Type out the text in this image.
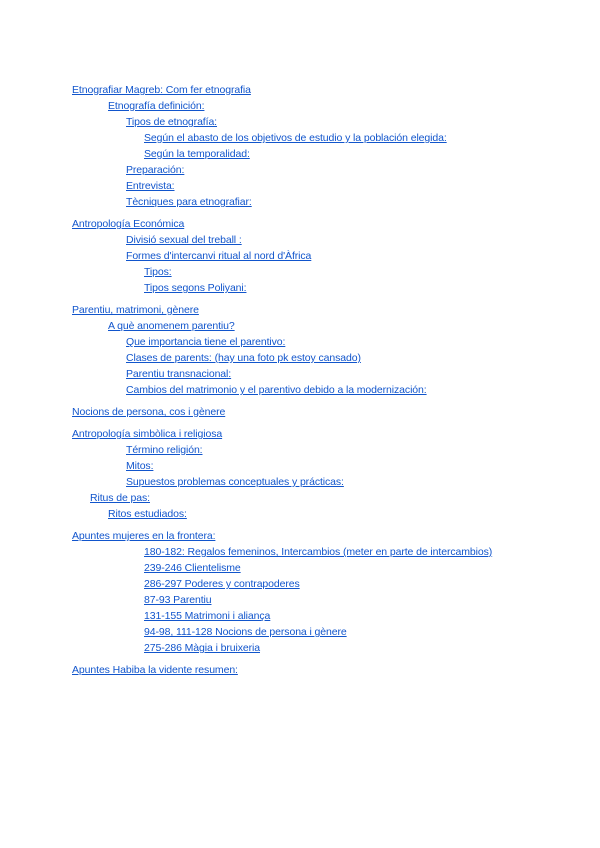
Etnografiar Magreb: Com fer etnografia
Etnografía definición:
Tipos de etnografía:
Según el abasto de los objetivos de estudio y la población elegida:
Según la temporalidad:
Preparación:
Entrevista:
Tècniques para etnografiar:
Antropología Económica
Divisió sexual del treball :
Formes d'intercanvi ritual al nord d'Àfrica
Tipos:
Tipos segons Poliyani:
Parentiu, matrimoni, gènere
A què anomenem parentiu?
Que importancia tiene el parentivo:
Clases de parents: (hay una foto pk estoy cansado)
Parentiu transnacional:
Cambios del matrimonio y el parentivo debido a la modernización:
Nocions de persona, cos i gènere
Antropología simbòlica i religiosa
Término religión:
Mitos:
Supuestos problemas conceptuales y prácticas:
Ritus de pas:
Ritos estudiados:
Apuntes mujeres en la frontera:
180-182: Regalos femeninos, Intercambios (meter en parte de intercambios)
239-246 Clientelisme
286-297 Poderes y contrapoderes
87-93 Parentiu
131-155 Matrimoni i aliança
94-98, 111-128 Nocions de persona i gènere
275-286 Màgia i bruixeria
Apuntes Habiba la vidente resumen:
